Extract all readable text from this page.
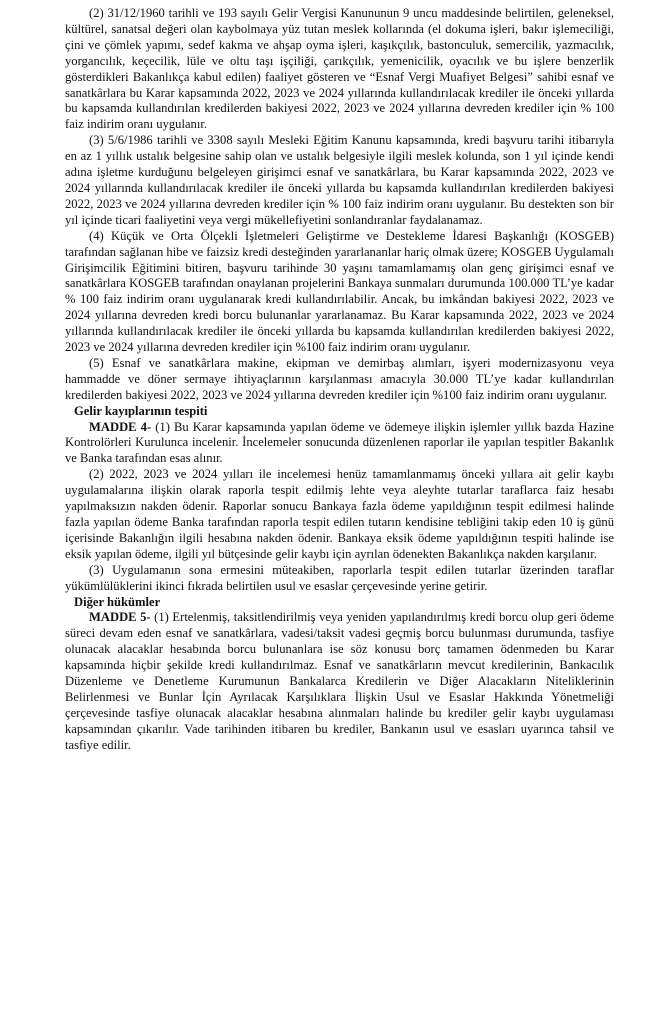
(2) 31/12/1960 tarihli ve 193 sayılı Gelir Vergisi Kanununun 9 uncu maddesinde belirtilen, geleneksel, kültürel, sanatsal değeri olan kaybolmaya yüz tutan meslek kollarında (el dokuma işleri, bakır işlemeciliği, çini ve çömlek yapımı, sedef kakma ve ahşap oyma işleri, kaşıkçılık, bastonculuk, semercilik, yazmacılık, yorgancılık, keçecilik, lüle ve oltu taşı işçiliği, çarıkçılık, yemenicilik, oyacılık ve bu işlere benzerlik gösterdikleri Bakanlıkça kabul edilen) faaliyet gösteren ve “Esnaf Vergi Muafiyet Belgesi” sahibi esnaf ve sanatkârlara bu Karar kapsamında 2022, 2023 ve 2024 yıllarında kullandırılacak krediler ile önceki yıllarda bu kapsamda kullandırılan kredilerden bakiyesi 2022, 2023 ve 2024 yıllarına devreden krediler için % 100 faiz indirim oranı uygulanır.

(3) 5/6/1986 tarihli ve 3308 sayılı Mesleki Eğitim Kanunu kapsamında, kredi başvuru tarihi itibarıyla en az 1 yıllık ustalık belgesine sahip olan ve ustalık belgesiyle ilgili meslek kolunda, son 1 yıl içinde kendi adına işletme kurduğunu belgeleyen girişimci esnaf ve sanatkârlara, bu Karar kapsamında 2022, 2023 ve 2024 yıllarında kullandırılacak krediler ile önceki yıllarda bu kapsamda kullandırılan kredilerden bakiyesi 2022, 2023 ve 2024 yıllarına devreden krediler için % 100 faiz indirim oranı uygulanır. Bu destekten son bir yıl içinde ticari faaliyetini veya vergi mükellefiyetini sonlandıranlar faydalanamaz.

(4) Küçük ve Orta Ölçekli İşletmeleri Geliştirme ve Destekleme İdaresi Başkanlığı (KOSGEB) tarafından sağlanan hibe ve faizsiz kredi desteğinden yararlananlar hariç olmak üzere; KOSGEB Uygulamalı Girişimcilik Eğitimini bitiren, başvuru tarihinde 30 yaşını tamamlamamış olan genç girişimci esnaf ve sanatkârlara KOSGEB tarafından onaylanan projelerini Bankaya sunmaları durumunda 100.000 TL’ye kadar % 100 faiz indirim oranı uygulanarak kredi kullandırılabilir. Ancak, bu imkândan bakiyesi 2022, 2023 ve 2024 yıllarına devreden kredi borcu bulunanlar yararlanamaz. Bu Karar kapsamında 2022, 2023 ve 2024 yıllarında kullandırılacak krediler ile önceki yıllarda bu kapsamda kullandırılan kredilerden bakiyesi 2022, 2023 ve 2024 yıllarına devreden krediler için %100 faiz indirim oranı uygulanır.

(5) Esnaf ve sanatkârlara makine, ekipman ve demirbaş alımları, işyeri modernizasyonu veya hammadde ve döner sermaye ihtiyaçlarının karşılanması amacıyla 30.000 TL’ye kadar kullandırılan kredilerden bakiyesi 2022, 2023 ve 2024 yıllarına devreden krediler için %100 faiz indirim oranı uygulanır.

Gelir kayıplarının tespiti

MADDE 4- (1) Bu Karar kapsamında yapılan ödeme ve ödemeye ilişkin işlemler yıllık bazda Hazine Kontrolörleri Kurulunca incelenir. İncelemeler sonucunda düzenlenen raporlar ile yapılan tespitler Bakanlık ve Banka tarafından esas alınır.

(2) 2022, 2023 ve 2024 yılları ile incelemesi henüz tamamlanmamış önceki yıllara ait gelir kaybı uygulamalarına ilişkin olarak raporla tespit edilmiş lehte veya aleyhte tutarlar taraflarca faiz hesabı yapılmaksızın nakden ödenir. Raporlar sonucu Bankaya fazla ödeme yapıldığının tespit edilmesi halinde fazla yapılan ödeme Banka tarafından raporla tespit edilen tutarın kendisine tebliğini takip eden 10 iş günü içerisinde Bakanlığın ilgili hesabına nakden ödenir. Bankaya eksik ödeme yapıldığının tespiti halinde ise eksik yapılan ödeme, ilgili yıl bütçesinde gelir kaybı için ayrılan ödenekten Bakanlıkça nakden karşılanır.

(3) Uygulamanın sona ermesini müteakiben, raporlarla tespit edilen tutarlar üzerinden taraflar yükümlülüklerini ikinci fıkrada belirtilen usul ve esaslar çerçevesinde yerine getirir.

Diğer hükümler

MADDE 5- (1) Ertelenmiş, taksitlendirilmiş veya yeniden yapılandırılmış kredi borcu olup geri ödeme süreci devam eden esnaf ve sanatkârlara, vadesi/taksit vadesi geçmiş borcu bulunması durumunda, tasfiye olunacak alacaklar hesabında borcu bulunanlara ise söz konusu borç tamamen ödenmeden bu Karar kapsamında hiçbir şekilde kredi kullandırılmaz. Esnaf ve sanatkârların mevcut kredilerinin, Bankacılık Düzenleme ve Denetleme Kurumunun Bankalarca Kredilerin ve Diğer Alacakların Niteliklerinin Belirlenmesi ve Bunlar İçin Ayrılacak Karşılıklara İlişkin Usul ve Esaslar Hakkında Yönetmeliği çerçevesinde tasfiye olunacak alacaklar hesabına alınmaları halinde bu krediler gelir kaybı uygulaması kapsamından çıkarılır. Vade tarihinden itibaren bu krediler, Bankanın usul ve esasları uyarınca tahsil ve tasfiye edilir.
